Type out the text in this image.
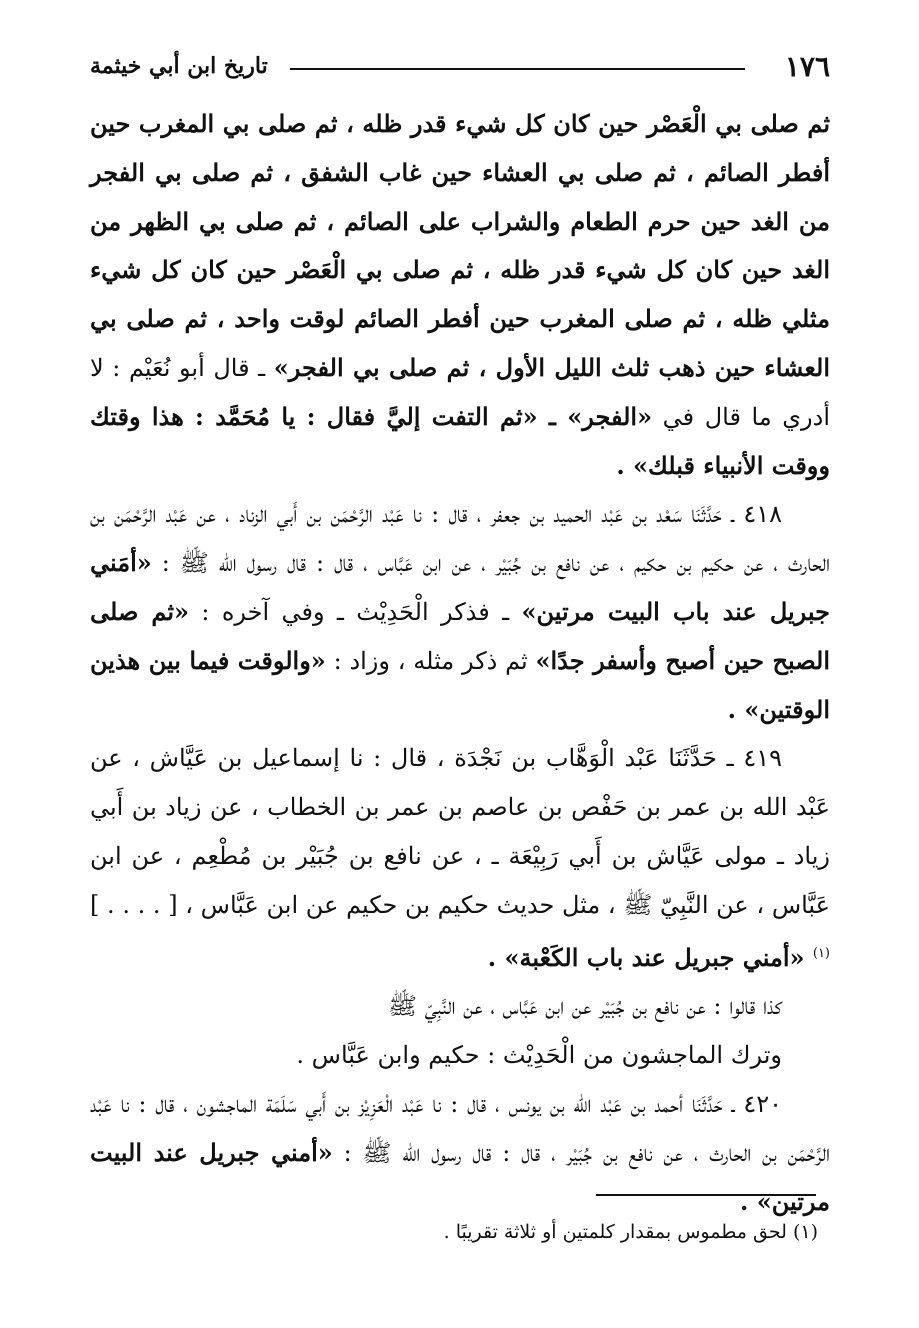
١٧٦
تاريخ ابن أبي خيثمة

ثم صلى بي الْعَصْر حين كان كل شيء قدر ظله ، ثم صلى بي المغرب حين أفطر الصائم ، ثم صلى بي العشاء حين غاب الشفق ، ثم صلى بي الفجر من الغد حين حرم الطعام والشراب على الصائم ، ثم صلى بي الظهر من الغد حين كان كل شيء قدر ظله ، ثم صلى بي الْعَصْر حين كان كل شيء مثلي ظله ، ثم صلى المغرب حين أفطر الصائم لوقت واحد ، ثم صلى بي العشاء حين ذهب ثلث الليل الأول ، ثم صلى بي الفجر» ـ قال أبو نُعَيْم : لا أدري ما قال في «الفجر» ـ «ثم التفت إليَّ فقال : يا مُحَمَّد : هذا وقتك ووقت الأنبياء قبلك» .

٤١٨ ـ حَدَّثَنَا سَعْد بن عَبْد الحميد بن جعفر ، قال : نا عَبْد الرَّحْمَن بن أَبي الزناد ، عن عَبْد الرَّحْمَن بن الحارث ، عن حكيم بن حكيم ، عن نافع بن جُبَيْر ، عن ابن عَبَّاس ، قال : قال رسول الله ﷺ : «أمَني جبريل عند باب البيت مرتين» ـ فذكر الْحَدِيْث ـ وفي آخره : «ثم صلى الصبح حين أصبح وأسفر جدًا» ثم ذكر مثله ، وزاد : «والوقت فيما بين هذين الوقتين» .

٤١٩ ـ حَدَّثَنَا عَبْد الْوَهَّاب بن نَجْدَة ، قال : نا إسماعيل بن عَيَّاش ، عن عَبْد الله بن عمر بن حَفْص بن عاصم بن عمر بن الخطاب ، عن زياد بن أَبي زياد ـ مولى عَيَّاش بن أَبي رَبِيْعَة ـ ، عن نافع بن جُبَيْر بن مُطْعِم ، عن ابن عَبَّاس ، عن النَّبِيّ ﷺ ، مثل حديث حكيم بن حكيم عن ابن عَبَّاس ، [ . . . . ] $^{(١)}$ «أمني جبريل عند باب الكَعْبة» .

كذا قالوا : عن نافع بن جُبَيْر عن ابن عَبَّاس ، عن النَّبِيّ ﷺ

وترك الماجشون من الْحَدِيْث : حكيم وابن عَبَّاس .

٤٢٠ ـ حَدَّثَنَا أحمد بن عَبْد الله بن يونس ، قال : نا عَبْد الْعَزِيْز بن أَبي سَلَمَة الماجشون ، قال : نا عَبْد الرَّحْمَن بن الحارث ، عن نافع بن جُبَيْر ، قال : قال رسول الله ﷺ : «أمني جبريل عند البيت مرتين» .

(١) لحق مطموس بمقدار كلمتين أو ثلاثة تقريبًا .
